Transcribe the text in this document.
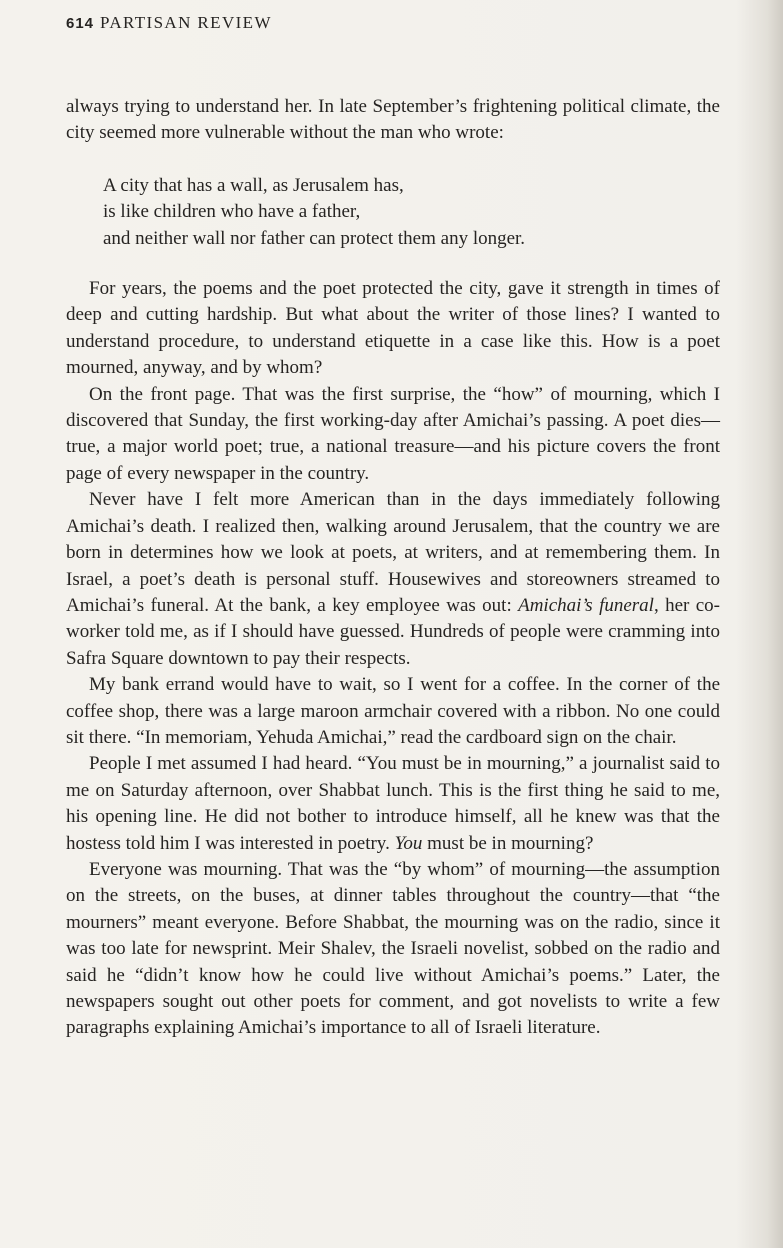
614 PARTISAN REVIEW

always trying to understand her. In late September’s frightening political climate, the city seemed more vulnerable without the man who wrote:

A city that has a wall, as Jerusalem has,
is like children who have a father,
and neither wall nor father can protect them any longer.

For years, the poems and the poet protected the city, gave it strength in times of deep and cutting hardship. But what about the writer of those lines? I wanted to understand procedure, to understand etiquette in a case like this. How is a poet mourned, anyway, and by whom?

On the front page. That was the first surprise, the “how” of mourning, which I discovered that Sunday, the first working-day after Amichai’s passing. A poet dies—true, a major world poet; true, a national treasure—and his picture covers the front page of every newspaper in the country.

Never have I felt more American than in the days immediately following Amichai’s death. I realized then, walking around Jerusalem, that the country we are born in determines how we look at poets, at writers, and at remembering them. In Israel, a poet’s death is personal stuff. Housewives and storeowners streamed to Amichai’s funeral. At the bank, a key employee was out: Amichai’s funeral, her co-worker told me, as if I should have guessed. Hundreds of people were cramming into Safra Square downtown to pay their respects.

My bank errand would have to wait, so I went for a coffee. In the corner of the coffee shop, there was a large maroon armchair covered with a ribbon. No one could sit there. “In memoriam, Yehuda Amichai,” read the cardboard sign on the chair.

People I met assumed I had heard. “You must be in mourning,” a journalist said to me on Saturday afternoon, over Shabbat lunch. This is the first thing he said to me, his opening line. He did not bother to introduce himself, all he knew was that the hostess told him I was interested in poetry. You must be in mourning?

Everyone was mourning. That was the “by whom” of mourning—the assumption on the streets, on the buses, at dinner tables throughout the country—that “the mourners” meant everyone. Before Shabbat, the mourning was on the radio, since it was too late for newsprint. Meir Shalev, the Israeli novelist, sobbed on the radio and said he “didn’t know how he could live without Amichai’s poems.” Later, the newspapers sought out other poets for comment, and got novelists to write a few paragraphs explaining Amichai’s importance to all of Israeli literature.
